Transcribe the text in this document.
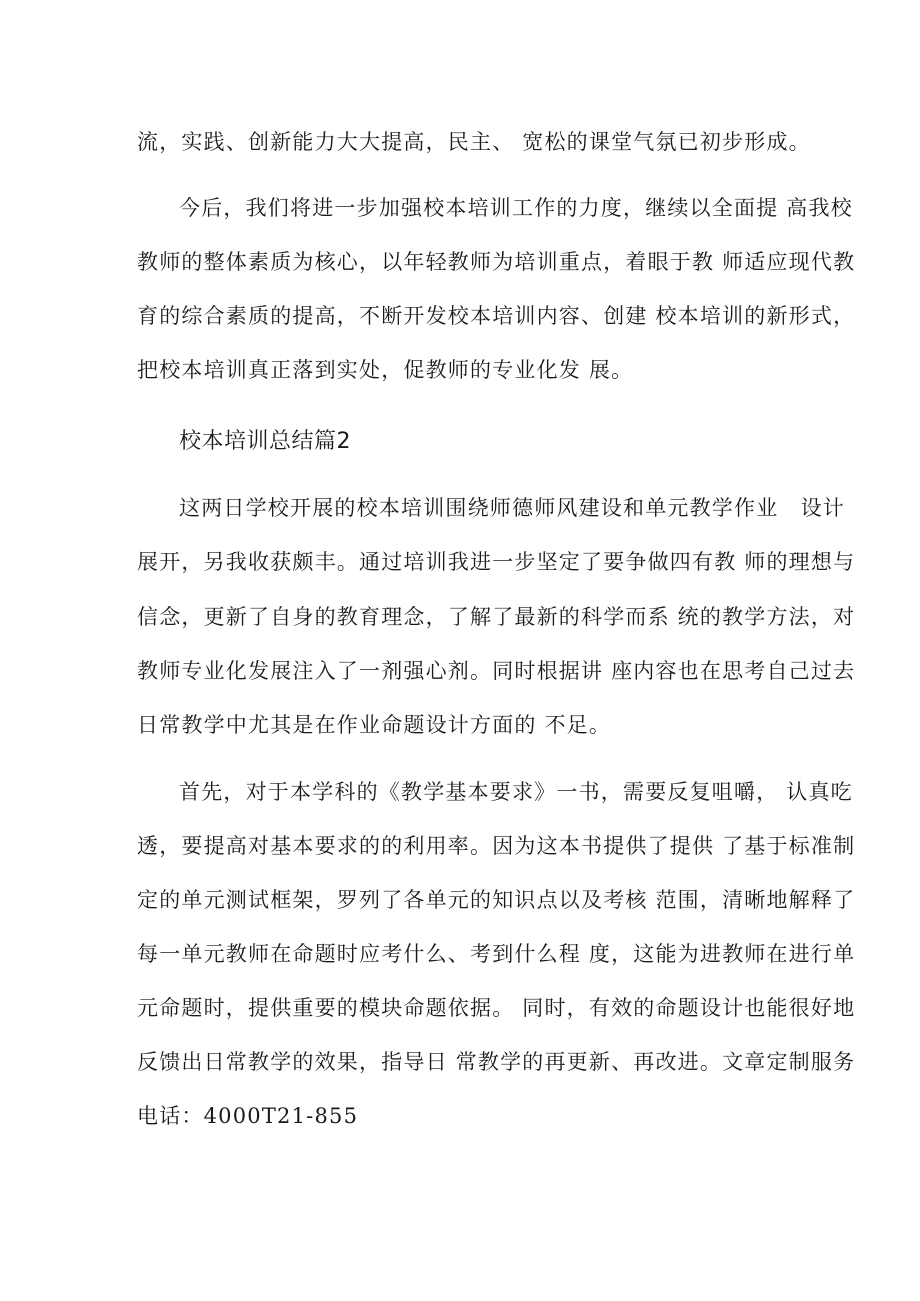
流，实践、创新能力大大提高，民主、 宽松的课堂气氛已初步形成。
今后，我们将进一步加强校本培训工作的力度，继续以全面提 高我校
教师的整体素质为核心，以年轻教师为培训重点，着眼于教 师适应现代教
育的综合素质的提高，不断开发校本培训内容、创建 校本培训的新形式，
把校本培训真正落到实处，促教师的专业化发 展。
校本培训总结篇2
这两日学校开展的校本培训围绕师德师风建设和单元教学作业　设计
展开，另我收获颇丰。通过培训我进一步坚定了要争做四有教 师的理想与
信念，更新了自身的教育理念，了解了最新的科学而系 统的教学方法，对
教师专业化发展注入了一剂强心剂。同时根据讲 座内容也在思考自己过去
日常教学中尤其是在作业命题设计方面的 不足。
首先，对于本学科的《教学基本要求》一书，需要反复咀嚼， 认真吃
透，要提高对基本要求的的利用率。因为这本书提供了提供 了基于标准制
定的单元测试框架，罗列了各单元的知识点以及考核 范围，清晰地解释了
每一单元教师在命题时应考什么、考到什么程 度，这能为进教师在进行单
元命题时，提供重要的模块命题依据。 同时，有效的命题设计也能很好地
反馈出日常教学的效果，指导日 常教学的再更新、再改进。文章定制服务
电话：4000T21-855
